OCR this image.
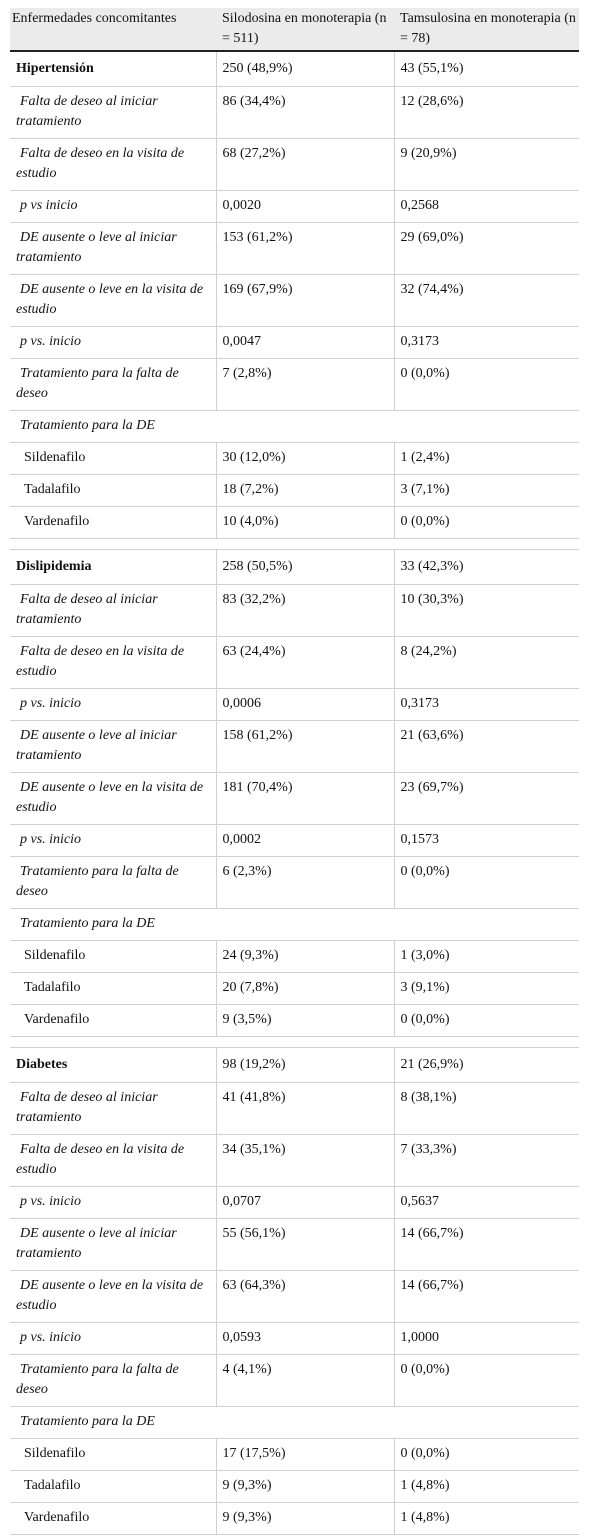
Enfermedades concomitantes	Silodosina en monoterapia (n = 511)	Tamsulosina en monoterapia (n = 78)
Hipertensión	250 (48,9%)	43 (55,1%)
Falta de deseo al iniciar tratamiento	86 (34,4%)	12 (28,6%)
Falta de deseo en la visita de estudio	68 (27,2%)	9 (20,9%)
p vs inicio	0,0020	0,2568
DE ausente o leve al iniciar tratamiento	153 (61,2%)	29 (69,0%)
DE ausente o leve en la visita de estudio	169 (67,9%)	32 (74,4%)
p vs. inicio	0,0047	0,3173
Tratamiento para la falta de deseo	7 (2,8%)	0 (0,0%)
Tratamiento para la DE		
Sildenafilo	30 (12,0%)	1 (2,4%)
Tadalafilo	18 (7,2%)	3 (7,1%)
Vardenafilo	10 (4,0%)	0 (0,0%)

Dislipidemia	258 (50,5%)	33 (42,3%)
Falta de deseo al iniciar tratamiento	83 (32,2%)	10 (30,3%)
Falta de deseo en la visita de estudio	63 (24,4%)	8 (24,2%)
p vs. inicio	0,0006	0,3173
DE ausente o leve al iniciar tratamiento	158 (61,2%)	21 (63,6%)
DE ausente o leve en la visita de estudio	181 (70,4%)	23 (69,7%)
p vs. inicio	0,0002	0,1573
Tratamiento para la falta de deseo	6 (2,3%)	0 (0,0%)
Tratamiento para la DE		
Sildenafilo	24 (9,3%)	1 (3,0%)
Tadalafilo	20 (7,8%)	3 (9,1%)
Vardenafilo	9 (3,5%)	0 (0,0%)

Diabetes	98 (19,2%)	21 (26,9%)
Falta de deseo al iniciar tratamiento	41 (41,8%)	8 (38,1%)
Falta de deseo en la visita de estudio	34 (35,1%)	7 (33,3%)
p vs. inicio	0,0707	0,5637
DE ausente o leve al iniciar tratamiento	55 (56,1%)	14 (66,7%)
DE ausente o leve en la visita de estudio	63 (64,3%)	14 (66,7%)
p vs. inicio	0,0593	1,0000
Tratamiento para la falta de deseo	4 (4,1%)	0 (0,0%)
Tratamiento para la DE		
Sildenafilo	17 (17,5%)	0 (0,0%)
Tadalafilo	9 (9,3%)	1 (4,8%)
Vardenafilo	9 (9,3%)	1 (4,8%)
